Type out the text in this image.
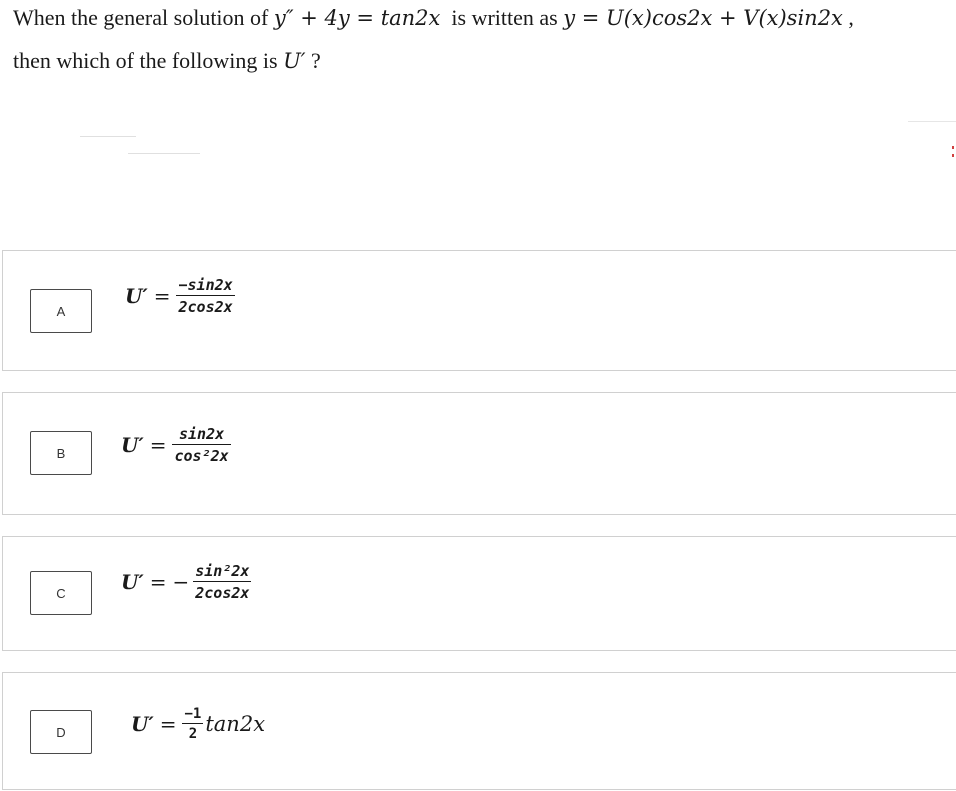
When the general solution of y″ + 4y = tan2x  is written as y = U(x)cos2x + V(x)sin2x ,
then which of the following is U′ ?
A
$U' = \frac{-\sin 2x}{2\cos 2x}$
B	$U' = \frac{\sin 2x}{\text{cos²2x}}$
C	U′ = − $\frac{\text{sin²2x}}{2\cos 2x}$
D	$U' = \frac{-1}{2} \tan 2x$
